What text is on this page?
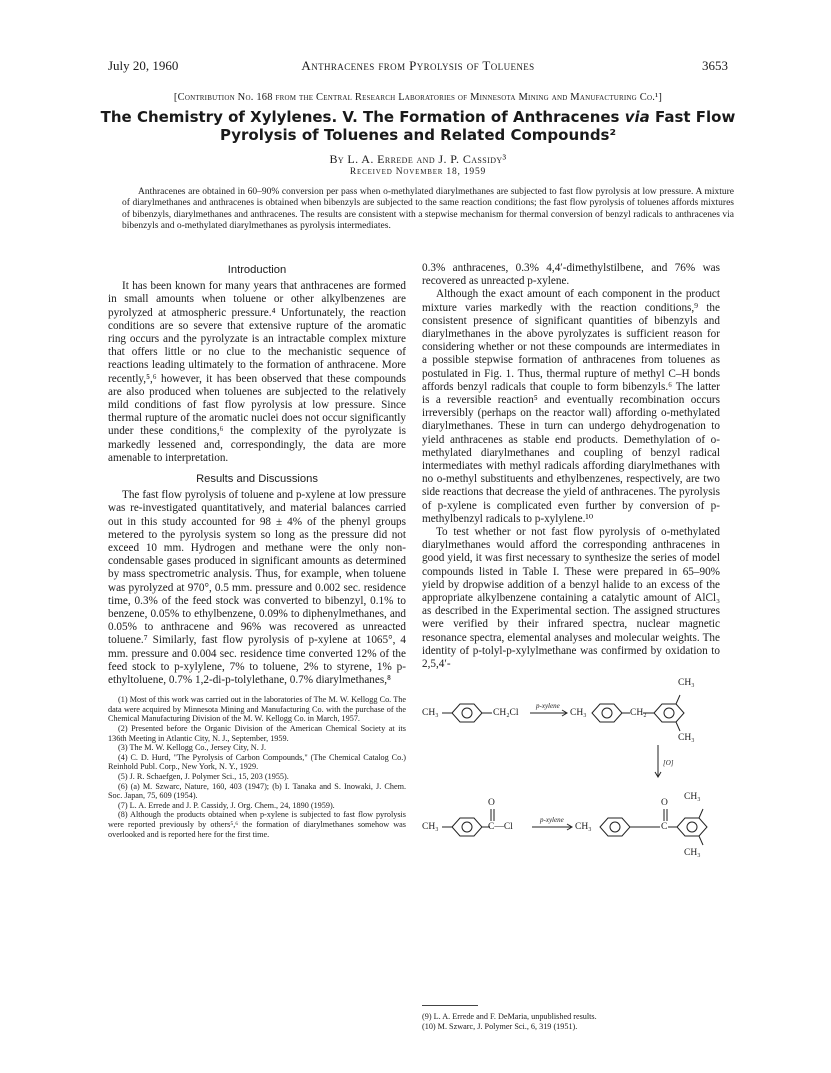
July 20, 1960	Anthracenes from Pyrolysis of Toluenes	3653
[Contribution No. 168 from the Central Research Laboratories of Minnesota Mining and Manufacturing Co.¹]
The Chemistry of Xylylenes. V. The Formation of Anthracenes via Fast Flow
Pyrolysis of Toluenes and Related Compounds²
By L. A. Errede and J. P. Cassidy³
Received November 18, 1959
Anthracenes are obtained in 60–90% conversion per pass when o-methylated diarylmethanes are subjected to fast flow pyrolysis at low pressure. A mixture of diarylmethanes and anthracenes is obtained when bibenzyls are subjected to the same reaction conditions; the fast flow pyrolysis of toluenes affords mixtures of bibenzyls, diarylmethanes and anthracenes. The results are consistent with a stepwise mechanism for thermal conversion of benzyl radicals to anthracenes via bibenzyls and o-methylated diarylmethanes as pyrolysis intermediates.
Introduction

It has been known for many years that anthracenes are formed in small amounts when toluene or other alkylbenzenes are pyrolyzed at atmospheric pressure.⁴ Unfortunately, the reaction conditions are so severe that extensive rupture of the aromatic ring occurs and the pyrolyzate is an intractable complex mixture that offers little or no clue to the mechanistic sequence of reactions leading ultimately to the formation of anthracene. More recently,⁵,⁶ however, it has been observed that these compounds are also produced when toluenes are subjected to the relatively mild conditions of fast flow pyrolysis at low pressure. Since thermal rupture of the aromatic nuclei does not occur significantly under these conditions,⁶ the complexity of the pyrolyzate is markedly lessened and, correspondingly, the data are more amenable to interpretation.

Results and Discussions

The fast flow pyrolysis of toluene and p-xylene at low pressure was re-investigated quantitatively, and material balances carried out in this study accounted for 98 ± 4% of the phenyl groups metered to the pyrolysis system so long as the pressure did not exceed 10 mm. Hydrogen and methane were the only non-condensable gases produced in significant amounts as determined by mass spectrometric analysis. Thus, for example, when toluene was pyrolyzed at 970°, 0.5 mm. pressure and 0.002 sec. residence time, 0.3% of the feed stock was converted to bibenzyl, 0.1% to benzene, 0.05% to ethylbenzene, 0.09% to diphenylmethanes, and 0.05% to anthracene and 96% was recovered as unreacted toluene.⁷ Similarly, fast flow pyrolysis of p-xylene at 1065°, 4 mm. pressure and 0.004 sec. residence time converted 12% of the feed stock to p-xylylene, 7% to toluene, 2% to styrene, 1% p-ethyltoluene, 0.7% 1,2-di-p-tolylethane, 0.7% diarylmethanes,⁸

(1) Most of this work was carried out in the laboratories of The M. W. Kellogg Co. The data were acquired by Minnesota Mining and Manufacturing Co. with the purchase of the Chemical Manufacturing Division of the M. W. Kellogg Co. in March, 1957.
(2) Presented before the Organic Division of the American Chemical Society at its 136th Meeting in Atlantic City, N. J., September, 1959.
(3) The M. W. Kellogg Co., Jersey City, N. J.
(4) C. D. Hurd, "The Pyrolysis of Carbon Compounds," (The Chemical Catalog Co.) Reinhold Publ. Corp., New York, N. Y., 1929.
(5) J. R. Schaefgen, J. Polymer Sci., 15, 203 (1955).
(6) (a) M. Szwarc, Nature, 160, 403 (1947); (b) I. Tanaka and S. Inowaki, J. Chem. Soc. Japan, 75, 609 (1954).
(7) L. A. Errede and J. P. Cassidy, J. Org. Chem., 24, 1890 (1959).
(8) Although the products obtained when p-xylene is subjected to fast flow pyrolysis were reported previously by others⁵,⁶ the formation of diarylmethanes somehow was overlooked and is reported here for the first time.

0.3% anthracenes, 0.3% 4,4′-dimethylstilbene, and 76% was recovered as unreacted p-xylene.

Although the exact amount of each component in the product mixture varies markedly with the reaction conditions,⁹ the consistent presence of significant quantities of bibenzyls and diarylmethanes in the above pyrolyzates is sufficient reason for considering whether or not these compounds are intermediates in a possible stepwise formation of anthracenes from toluenes as postulated in Fig. 1. Thus, thermal rupture of methyl C–H bonds affords benzyl radicals that couple to form bibenzyls.⁶ The latter is a reversible reaction⁵ and eventually recombination occurs irreversibly (perhaps on the reactor wall) affording o-methylated diarylmethanes. These in turn can undergo dehydrogenation to yield anthracenes as stable end products. Demethylation of o-methylated diarylmethanes and coupling of benzyl radical intermediates with methyl radicals affording diarylmethanes with no o-methyl substituents and ethylbenzenes, respectively, are two side reactions that decrease the yield of anthracenes. The pyrolysis of p-xylene is complicated even further by conversion of p-methylbenzyl radicals to p-xylylene.¹⁰

To test whether or not fast flow pyrolysis of o-methylated diarylmethanes would afford the corresponding anthracenes in good yield, it was first necessary to synthesize the series of model compounds listed in Table I. These were prepared in 65–90% yield by dropwise addition of a benzyl halide to an excess of the appropriate alkylbenzene containing a catalytic amount of AlCl₃ as described in the Experimental section. The assigned structures were verified by their infrared spectra, nuclear magnetic resonance spectra, elemental analyses and molecular weights. The identity of p-tolyl-p-xylylmethane was confirmed by oxidation to 2,5,4′-

CH₃
CH₃	CH₂Cl
p-xylene
CH₃	CH₂
CH₃
[O]
CH₃
CH₃
O
C—Cl
p-xylene
CH₃
O
C
CH₃
(9) L. A. Errede and F. DeMaria, unpublished results.
(10) M. Szwarc, J. Polymer Sci., 6, 319 (1951).
